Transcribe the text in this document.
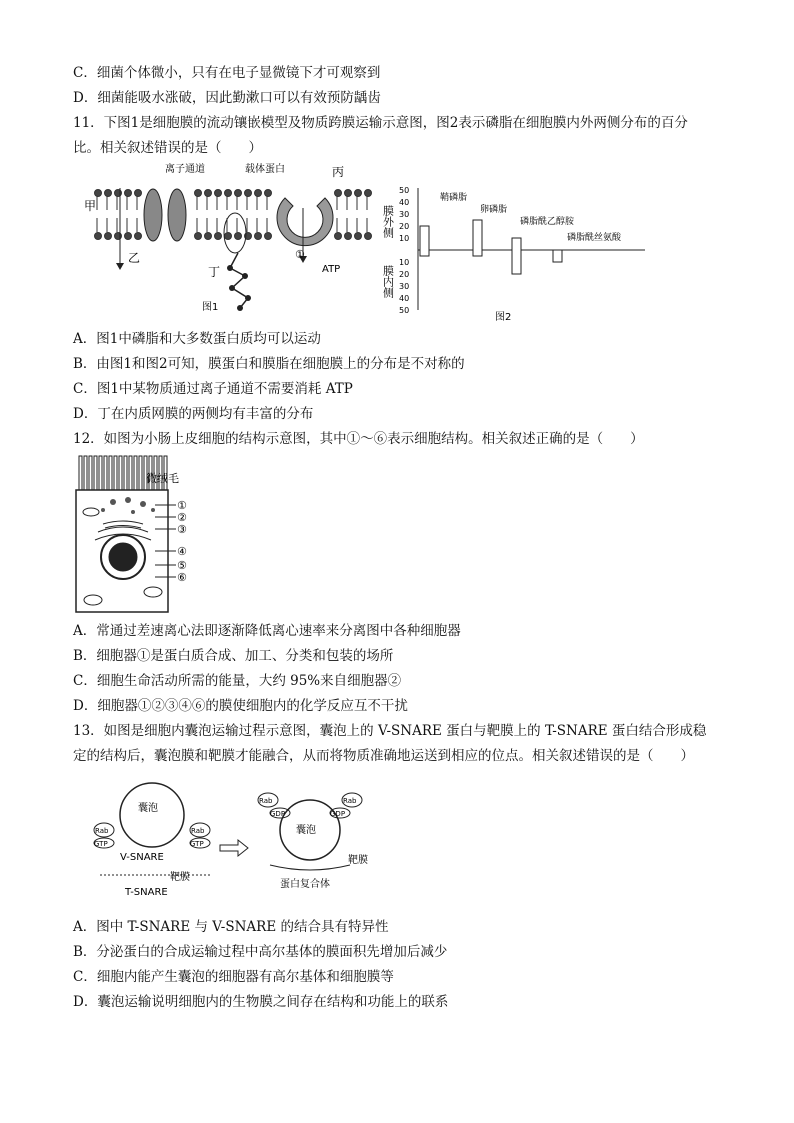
C．细菌个体微小，只有在电子显微镜下才可观察到
D．细菌能吸水涨破，因此勤漱口可以有效预防龋齿
11．下图1是细胞膜的流动镶嵌模型及物质跨膜运输示意图，图2表示磷脂在细胞膜内外两侧分布的百分
比。相关叙述错误的是（　　）
甲
乙
丙
丁
离子通道	载体蛋白
①
ATP
图1
膜外侧
膜内侧
50
40
30
20
10
10
20
30
40
50
鞘磷脂
卵磷脂
磷脂酰乙醇胺
磷脂酰丝氨酸
图2
A．图1中磷脂和大多数蛋白质均可以运动
B．由图1和图2可知，膜蛋白和膜脂在细胞膜上的分布是不对称的
C．图1中某物质通过离子通道不需要消耗 ATP
D．丁在内质网膜的两侧均有丰富的分布
12．如图为小肠上皮细胞的结构示意图，其中①～⑥表示细胞结构。相关叙述正确的是（　　）
微绒毛
①
②
③
④
⑤
⑥
A．常通过差速离心法即逐渐降低离心速率来分离图中各种细胞器
B．细胞器①是蛋白质合成、加工、分类和包装的场所
C．细胞生命活动所需的能量，大约 95%来自细胞器②
D．细胞器①②③④⑥的膜使细胞内的化学反应互不干扰
13．如图是细胞内囊泡运输过程示意图，囊泡上的 V-SNARE 蛋白与靶膜上的 T-SNARE 蛋白结合形成稳
定的结构后，囊泡膜和靶膜才能融合，从而将物质准确地运送到相应的位点。相关叙述错误的是（　　）
囊泡
囊泡
Rab	Rab
Rab	Rab
GTP	GTP
GDP	GDP
V-SNARE
靶膜
T-SNARE
靶膜
蛋白复合体
A．图中 T-SNARE 与 V-SNARE 的结合具有特异性
B．分泌蛋白的合成运输过程中高尔基体的膜面积先增加后减少
C．细胞内能产生囊泡的细胞器有高尔基体和细胞膜等
D．囊泡运输说明细胞内的生物膜之间存在结构和功能上的联系
